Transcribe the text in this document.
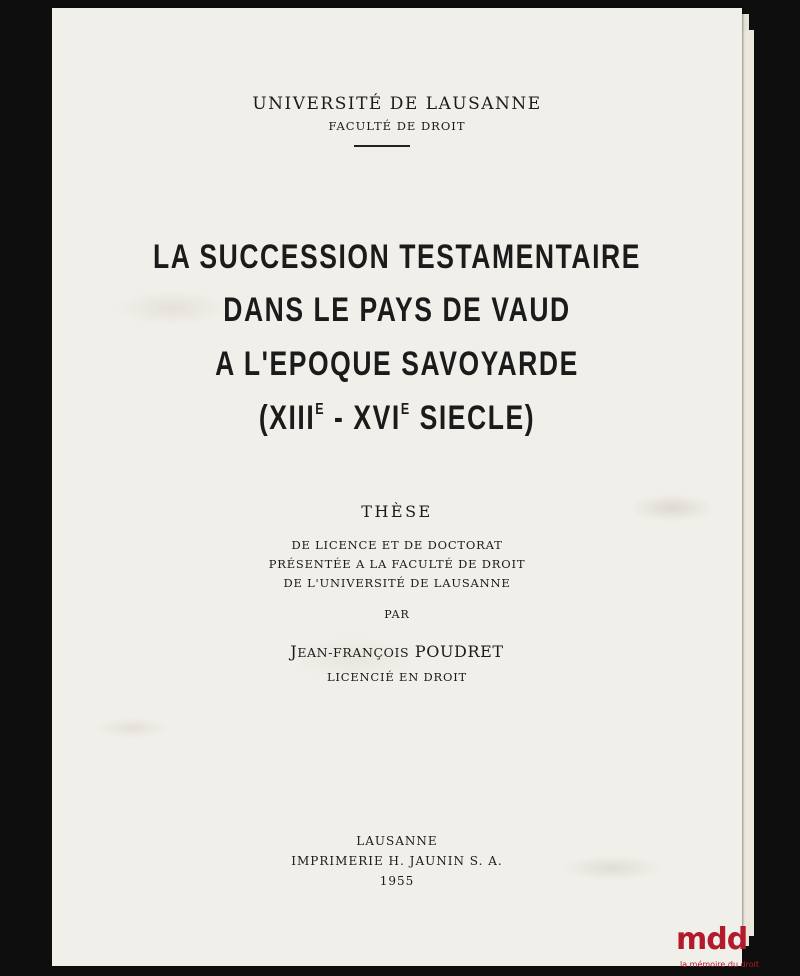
UNIVERSITÉ DE LAUSANNE
FACULTÉ DE DROIT
LA SUCCESSION TESTAMENTAIRE
DANS LE PAYS DE VAUD
A L'EPOQUE SAVOYARDE
($XIII^E - XVI^E$ SIECLE)
THÈSE
DE LICENCE ET DE DOCTORAT
PRÉSENTÉE A LA FACULTÉ DE DROIT
DE L'UNIVERSITÉ DE LAUSANNE
PAR
JEAN-FRANÇOIS POUDRET
LICENCIÉ EN DROIT
LAUSANNE
IMPRIMERIE H. JAUNIN S. A.
1955
mdd
la mémoire du droit
